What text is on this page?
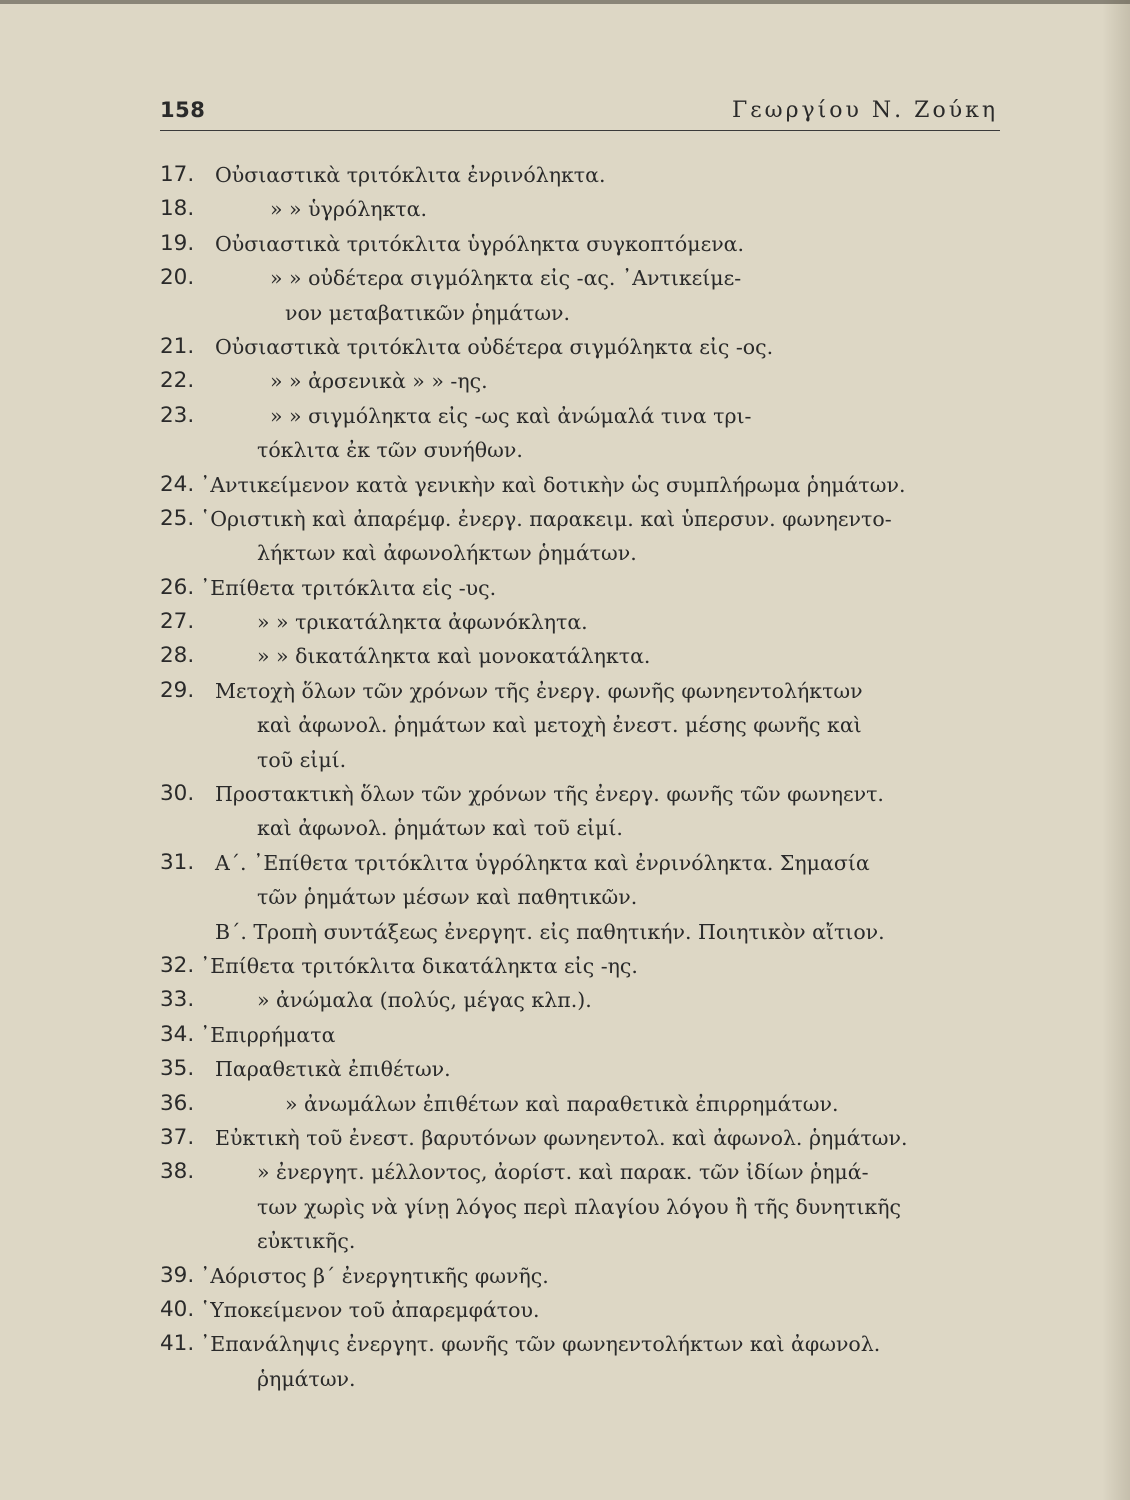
158	Γεωργίου Ν. Ζούκη
17. Οὐσιαστικὰ τριτόκλιτα ἐνρινόληκτα.
18.	» » ὑγρόληκτα.
19. Οὐσιαστικὰ τριτόκλιτα ὑγρόληκτα συγκοπτόμενα.
20.	» » οὐδέτερα σιγμόληκτα εἰς -ας. ᾿Αντικείμε-
νον μεταβατικῶν ῥημάτων.
21. Οὐσιαστικὰ τριτόκλιτα οὐδέτερα σιγμόληκτα εἰς -ος.
22.	» » ἀρσενικὰ » » -ης.
23.	» » σιγμόληκτα εἰς -ως καὶ ἀνώμαλά τινα τρι-
τόκλιτα ἐκ τῶν συνήθων.
24. ᾿Αντικείμενον κατὰ γενικὴν καὶ δοτικὴν ὡς συμπλήρωμα ῥημάτων.
25. ῾Οριστικὴ καὶ ἀπαρέμφ. ἐνεργ. παρακειμ. καὶ ὑπερσυν. φωνηεντο-
λήκτων καὶ ἀφωνολήκτων ῥημάτων.
26. ᾿Επίθετα τριτόκλιτα εἰς -υς.
27.	» » τρικατάληκτα ἀφωνόκλητα.
28.	» » δικατάληκτα καὶ μονοκατάληκτα.
29. Μετοχὴ ὅλων τῶν χρόνων τῆς ἐνεργ. φωνῆς φωνηεντολήκτων
καὶ ἀφωνολ. ῥημάτων καὶ μετοχὴ ἐνεστ. μέσης φωνῆς καὶ
τοῦ εἰμί.
30. Προστακτικὴ ὅλων τῶν χρόνων τῆς ἐνεργ. φωνῆς τῶν φωνηεντ.
καὶ ἀφωνολ. ῥημάτων καὶ τοῦ εἰμί.
31. Α΄. ᾿Επίθετα τριτόκλιτα ὑγρόληκτα καὶ ἐνρινόληκτα. Σημασία
τῶν ῥημάτων μέσων καὶ παθητικῶν.
Β΄. Τροπὴ συντάξεως ἐνεργητ. εἰς παθητικήν. Ποιητικὸν αἴτιον.
32. ᾿Επίθετα τριτόκλιτα δικατάληκτα εἰς -ης.
33.	» ἀνώμαλα (πολύς, μέγας κλπ.).
34. ᾿Επιρρήματα
35. Παραθετικὰ ἐπιθέτων.
36.	» ἀνωμάλων ἐπιθέτων καὶ παραθετικὰ ἐπιρρημάτων.
37. Εὐκτικὴ τοῦ ἐνεστ. βαρυτόνων φωνηεντολ. καὶ ἀφωνολ. ῥημάτων.
38.	» ἐνεργητ. μέλλοντος, ἀορίστ. καὶ παρακ. τῶν ἰδίων ῥημά-
των χωρὶς νὰ γίνῃ λόγος περὶ πλαγίου λόγου ἢ τῆς δυνητικῆς
εὐκτικῆς.
39. ᾿Αόριστος β΄ ἐνεργητικῆς φωνῆς.
40. ῾Υποκείμενον τοῦ ἀπαρεμφάτου.
41. ᾿Επανάληψις ἐνεργητ. φωνῆς τῶν φωνηεντολήκτων καὶ ἀφωνολ.
ῥημάτων.
